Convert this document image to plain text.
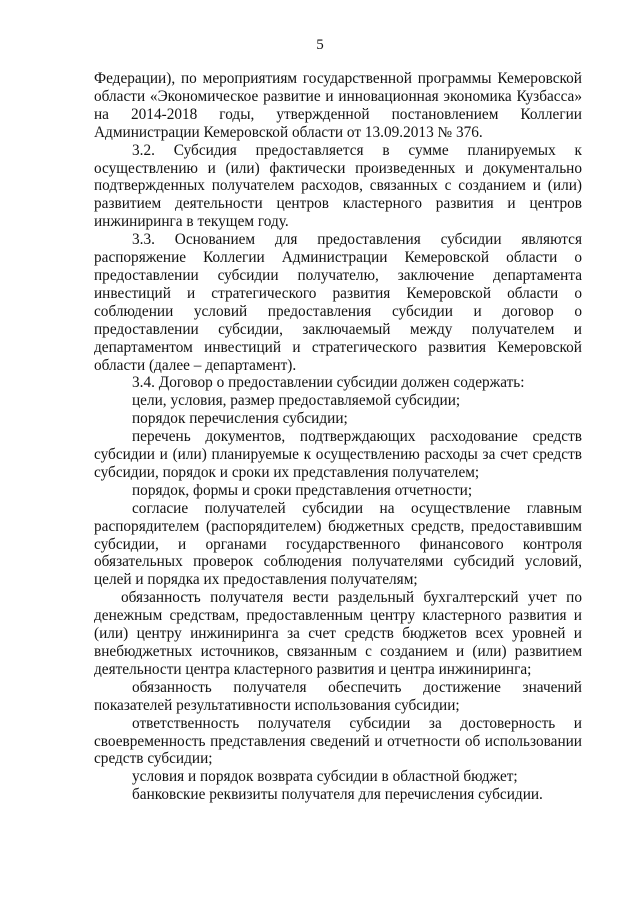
5

Федерации), по мероприятиям государственной программы Кемеровской области «Экономическое развитие и инновационная экономика Кузбасса» на 2014-2018 годы, утвержденной постановлением Коллегии Администрации Кемеровской области от 13.09.2013 № 376.

3.2. Субсидия предоставляется в сумме планируемых к осуществлению и (или) фактически произведенных и документально подтвержденных получателем расходов, связанных с созданием и (или) развитием деятельности центров кластерного развития и центров инжиниринга в текущем году.

3.3. Основанием для предоставления субсидии являются распоряжение Коллегии Администрации Кемеровской области о предоставлении субсидии получателю, заключение департамента инвестиций и стратегического развития Кемеровской области о соблюдении условий предоставления субсидии и договор о предоставлении субсидии, заключаемый между получателем и департаментом инвестиций и стратегического развития Кемеровской области (далее – департамент).

3.4. Договор о предоставлении субсидии должен содержать:

цели, условия, размер предоставляемой субсидии;

порядок перечисления субсидии;

перечень документов, подтверждающих расходование средств субсидии и (или) планируемые к осуществлению расходы за счет средств субсидии, порядок и сроки их представления получателем;

порядок, формы и сроки представления отчетности;

согласие получателей субсидии на осуществление главным распорядителем (распорядителем) бюджетных средств, предоставившим субсидии, и органами государственного финансового контроля обязательных проверок соблюдения получателями субсидий условий, целей и порядка их предоставления получателям;

обязанность получателя вести раздельный бухгалтерский учет по денежным средствам, предоставленным центру кластерного развития и (или) центру инжиниринга за счет средств бюджетов всех уровней и внебюджетных источников, связанным с созданием и (или) развитием деятельности центра кластерного развития и центра инжиниринга;

обязанность получателя обеспечить достижение значений показателей результативности использования субсидии;

ответственность получателя субсидии за достоверность и своевременность представления сведений и отчетности об использовании средств субсидии;

условия и порядок возврата субсидии в областной бюджет;

банковские реквизиты получателя для перечисления субсидии.
